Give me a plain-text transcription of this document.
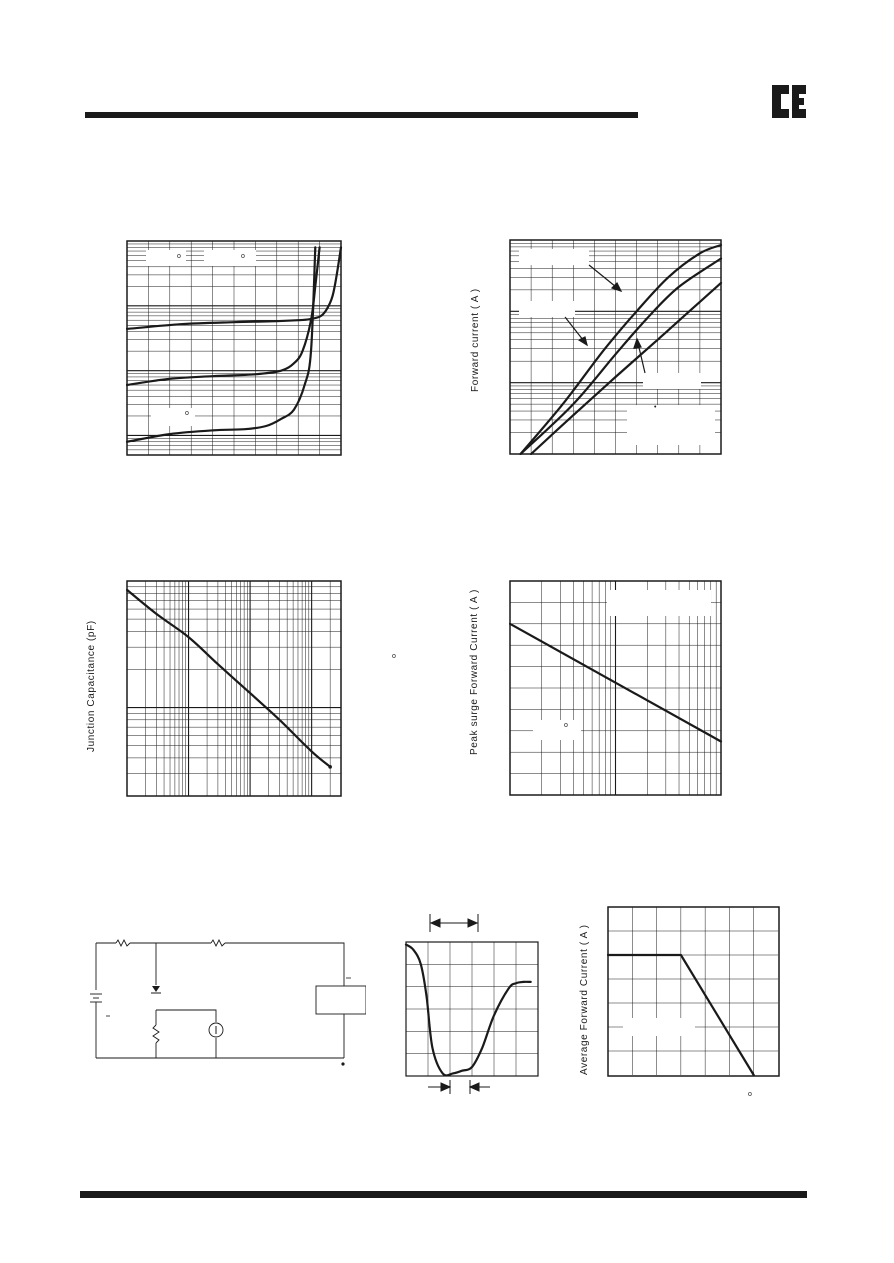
o	o
o
•
Forward current ( A )
Junction Capacitance (pF)	o	Peak surge Forward Current ( A )	o
Average Forward Current ( A )
o
